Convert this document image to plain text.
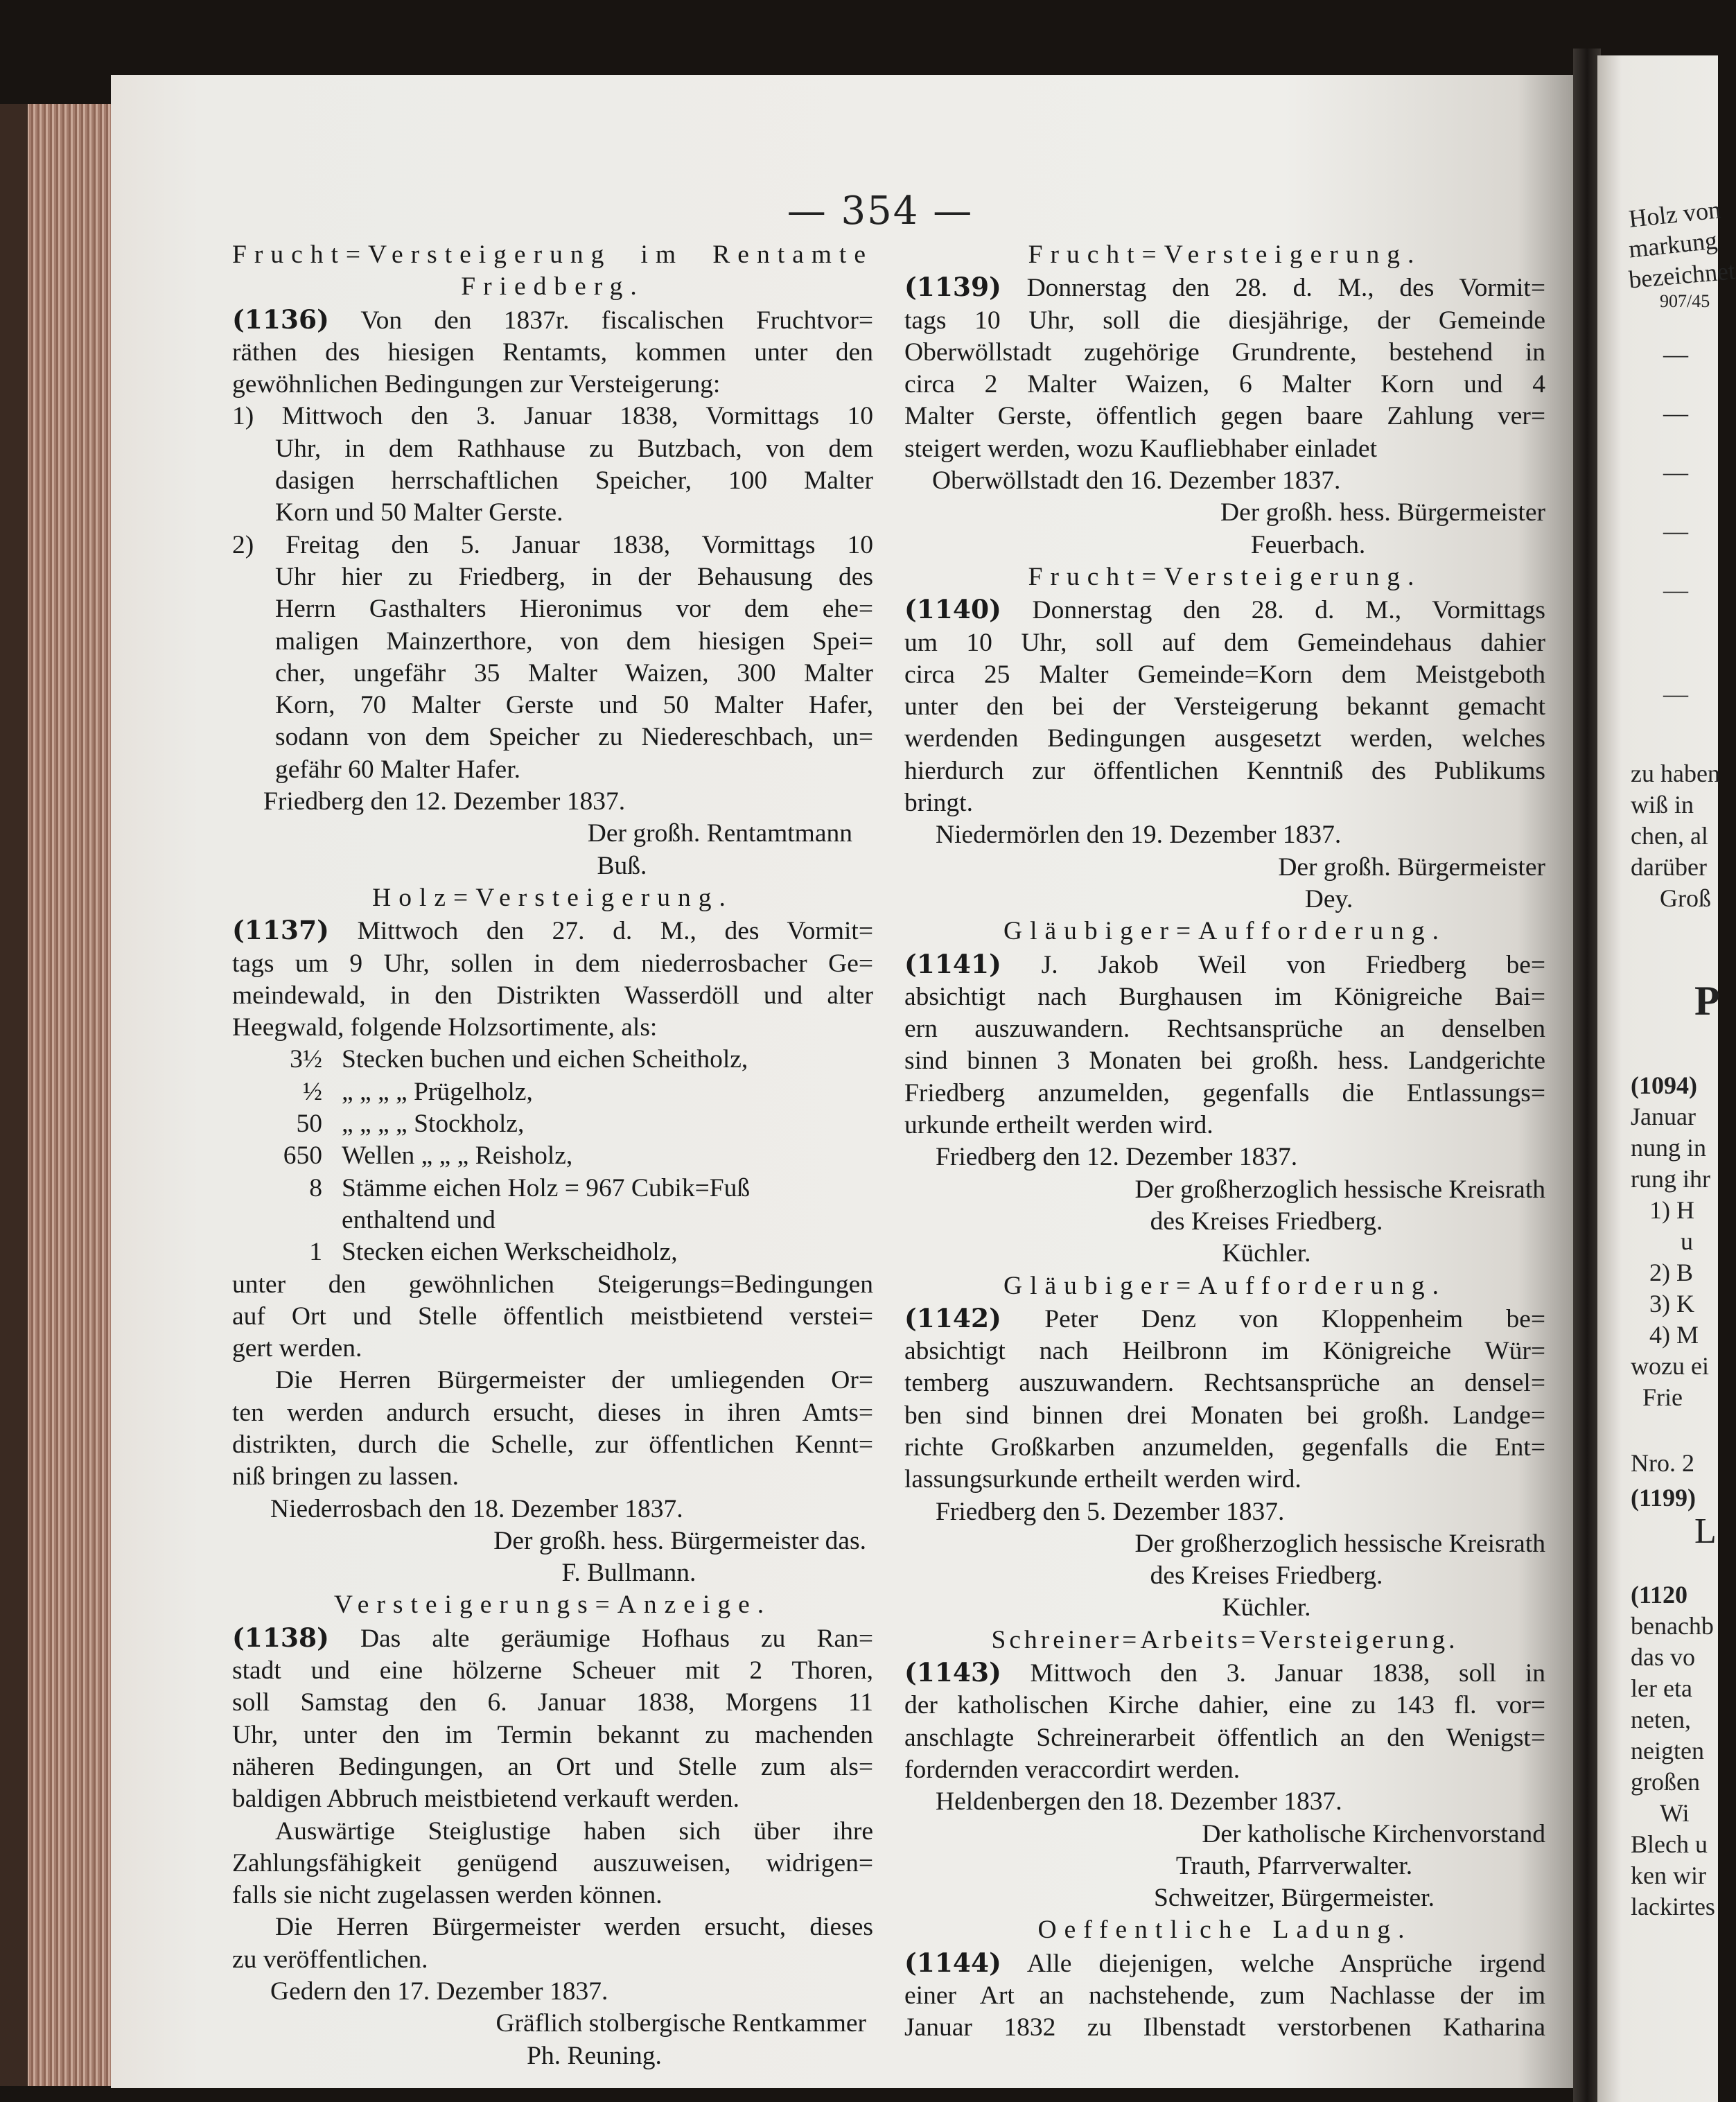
Holz von
markung
bezeichnet
907/45
—
—
—
—
—
—
zu haben
wiß in
chen, al
darüber
Groß
P
(1094)
Januar
nung in
rung ihr
1) H
u
2) B
3) K
4) M
wozu ei
Frie
Nro. 2
(1199)
L
(1120
benachb
das vo
ler eta
neten,
neigten
großen
Wi
Blech u
ken wir
lackirtes
— 354 —

Frucht=Versteigerung im Rentamte

Friedberg.

(1136) Von den 1837r. fiscalischen Fruchtvor=

räthen des hiesigen Rentamts, kommen unter den

gewöhnlichen Bedingungen zur Versteigerung:

1) Mittwoch den 3. Januar 1838, Vormittags 10

Uhr, in dem Rathhause zu Butzbach, von dem

dasigen herrschaftlichen Speicher, 100 Malter

Korn und 50 Malter Gerste.

2) Freitag den 5. Januar 1838, Vormittags 10

Uhr hier zu Friedberg, in der Behausung des

Herrn Gasthalters Hieronimus vor dem ehe=

maligen Mainzerthore, von dem hiesigen Spei=

cher, ungefähr 35 Malter Waizen, 300 Malter

Korn, 70 Malter Gerste und 50 Malter Hafer,

sodann von dem Speicher zu Niedereschbach, un=

gefähr 60 Malter Hafer.

Friedberg den 12. Dezember 1837.

Der großh. Rentamtmann

Buß.

Holz=Versteigerung.

(1137) Mittwoch den 27. d. M., des Vormit=

tags um 9 Uhr, sollen in dem niederrosbacher Ge=

meindewald, in den Distrikten Wasserdöll und alter

Heegwald, folgende Holzsortimente, als:

3½ Stecken buchen und eichen Scheitholz,
½ „ „ „ „ Prügelholz,
50 „ „ „ „ Stockholz,
650 Wellen „ „ „ Reisholz,
8 Stämme eichen Holz = 967 Cubik=Fuß
enthaltend und
1 Stecken eichen Werkscheidholz,

unter den gewöhnlichen Steigerungs=Bedingungen

auf Ort und Stelle öffentlich meistbietend verstei=

gert werden.

Die Herren Bürgermeister der umliegenden Or=

ten werden andurch ersucht, dieses in ihren Amts=

distrikten, durch die Schelle, zur öffentlichen Kennt=

niß bringen zu lassen.

Niederrosbach den 18. Dezember 1837.

Der großh. hess. Bürgermeister das.

F. Bullmann.

Versteigerungs=Anzeige.

(1138) Das alte geräumige Hofhaus zu Ran=

stadt und eine hölzerne Scheuer mit 2 Thoren,

soll Samstag den 6. Januar 1838, Morgens 11

Uhr, unter den im Termin bekannt zu machenden

näheren Bedingungen, an Ort und Stelle zum als=

baldigen Abbruch meistbietend verkauft werden.

Auswärtige Steiglustige haben sich über ihre

Zahlungsfähigkeit genügend auszuweisen, widrigen=

falls sie nicht zugelassen werden können.

Die Herren Bürgermeister werden ersucht, dieses

zu veröffentlichen.

Gedern den 17. Dezember 1837.

Gräflich stolbergische Rentkammer

Ph. Reuning.

Frucht=Versteigerung.

(1139) Donnerstag den 28. d. M., des Vormit=

tags 10 Uhr, soll die diesjährige, der Gemeinde

Oberwöllstadt zugehörige Grundrente, bestehend in

circa 2 Malter Waizen, 6 Malter Korn und 4

Malter Gerste, öffentlich gegen baare Zahlung ver=

steigert werden, wozu Kaufliebhaber einladet

Oberwöllstadt den 16. Dezember 1837.

Der großh. hess. Bürgermeister

Feuerbach.

Frucht=Versteigerung.

(1140) Donnerstag den 28. d. M., Vormittags

um 10 Uhr, soll auf dem Gemeindehaus dahier

circa 25 Malter Gemeinde=Korn dem Meistgeboth

unter den bei der Versteigerung bekannt gemacht

werdenden Bedingungen ausgesetzt werden, welches

hierdurch zur öffentlichen Kenntniß des Publikums

bringt.

Niedermörlen den 19. Dezember 1837.

Der großh. Bürgermeister

Dey.

Gläubiger=Aufforderung.

(1141) J. Jakob Weil von Friedberg be=

absichtigt nach Burghausen im Königreiche Bai=

ern auszuwandern. Rechtsansprüche an denselben

sind binnen 3 Monaten bei großh. hess. Landgerichte

Friedberg anzumelden, gegenfalls die Entlassungs=

urkunde ertheilt werden wird.

Friedberg den 12. Dezember 1837.

Der großherzoglich hessische Kreisrath

des Kreises Friedberg.

Küchler.

Gläubiger=Aufforderung.

(1142) Peter Denz von Kloppenheim be=

absichtigt nach Heilbronn im Königreiche Wür=

temberg auszuwandern. Rechtsansprüche an densel=

ben sind binnen drei Monaten bei großh. Landge=

richte Großkarben anzumelden, gegenfalls die Ent=

lassungsurkunde ertheilt werden wird.

Friedberg den 5. Dezember 1837.

Der großherzoglich hessische Kreisrath

des Kreises Friedberg.

Küchler.

Schreiner=Arbeits=Versteigerung.

(1143) Mittwoch den 3. Januar 1838, soll in

der katholischen Kirche dahier, eine zu 143 fl. vor=

anschlagte Schreinerarbeit öffentlich an den Wenigst=

fordernden veraccordirt werden.

Heldenbergen den 18. Dezember 1837.

Der katholische Kirchenvorstand

Trauth, Pfarrverwalter.

Schweitzer, Bürgermeister.

Oeffentliche Ladung.

(1144) Alle diejenigen, welche Ansprüche irgend

einer Art an nachstehende, zum Nachlasse der im

Januar 1832 zu Ilbenstadt verstorbenen Katharina
